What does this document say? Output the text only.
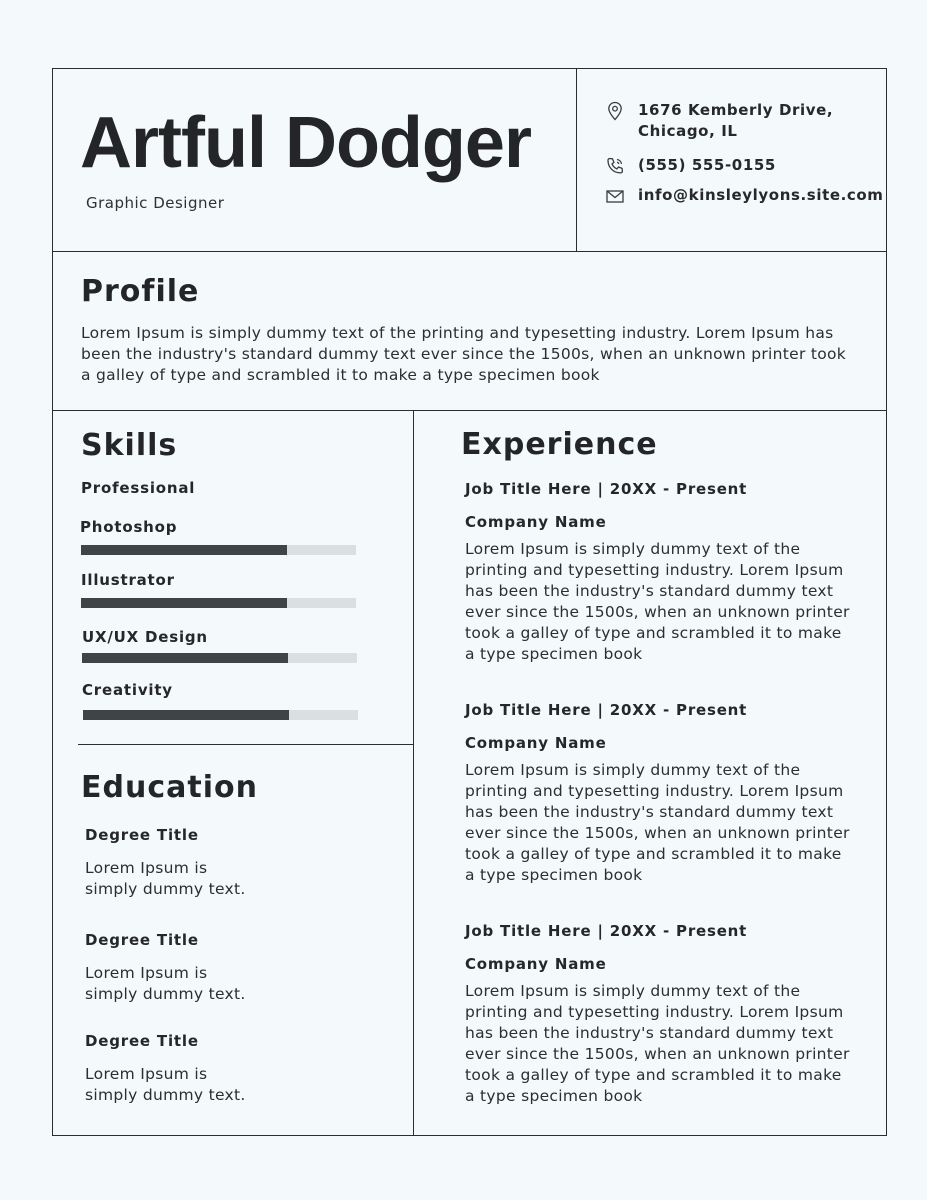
Artful Dodger
Graphic Designer
1676 Kemberly Drive,
Chicago, IL
(555) 555-0155
info@kinsleylyons.site.com
Profile

Lorem Ipsum is simply dummy text of the printing and typesetting industry. Lorem Ipsum has been the industry's standard dummy text ever since the 1500s, when an unknown printer took a galley of type and scrambled it to make a type specimen book

Skills
Professional
Photoshop
Illustrator
UX/UX Design
Creativity
Education
Degree Title
Lorem Ipsum is
simply dummy text.
Degree Title
Lorem Ipsum is
simply dummy text.
Degree Title
Lorem Ipsum is
simply dummy text.
Experience
Job Title Here | 20XX - Present
Company Name

Lorem Ipsum is simply dummy text of the printing and typesetting industry. Lorem Ipsum has been the industry's standard dummy text ever since the 1500s, when an unknown printer took a galley of type and scrambled it to make a type specimen book

Job Title Here | 20XX - Present
Company Name

Lorem Ipsum is simply dummy text of the printing and typesetting industry. Lorem Ipsum has been the industry's standard dummy text ever since the 1500s, when an unknown printer took a galley of type and scrambled it to make a type specimen book

Job Title Here | 20XX - Present
Company Name

Lorem Ipsum is simply dummy text of the printing and typesetting industry. Lorem Ipsum has been the industry's standard dummy text ever since the 1500s, when an unknown printer took a galley of type and scrambled it to make a type specimen book
